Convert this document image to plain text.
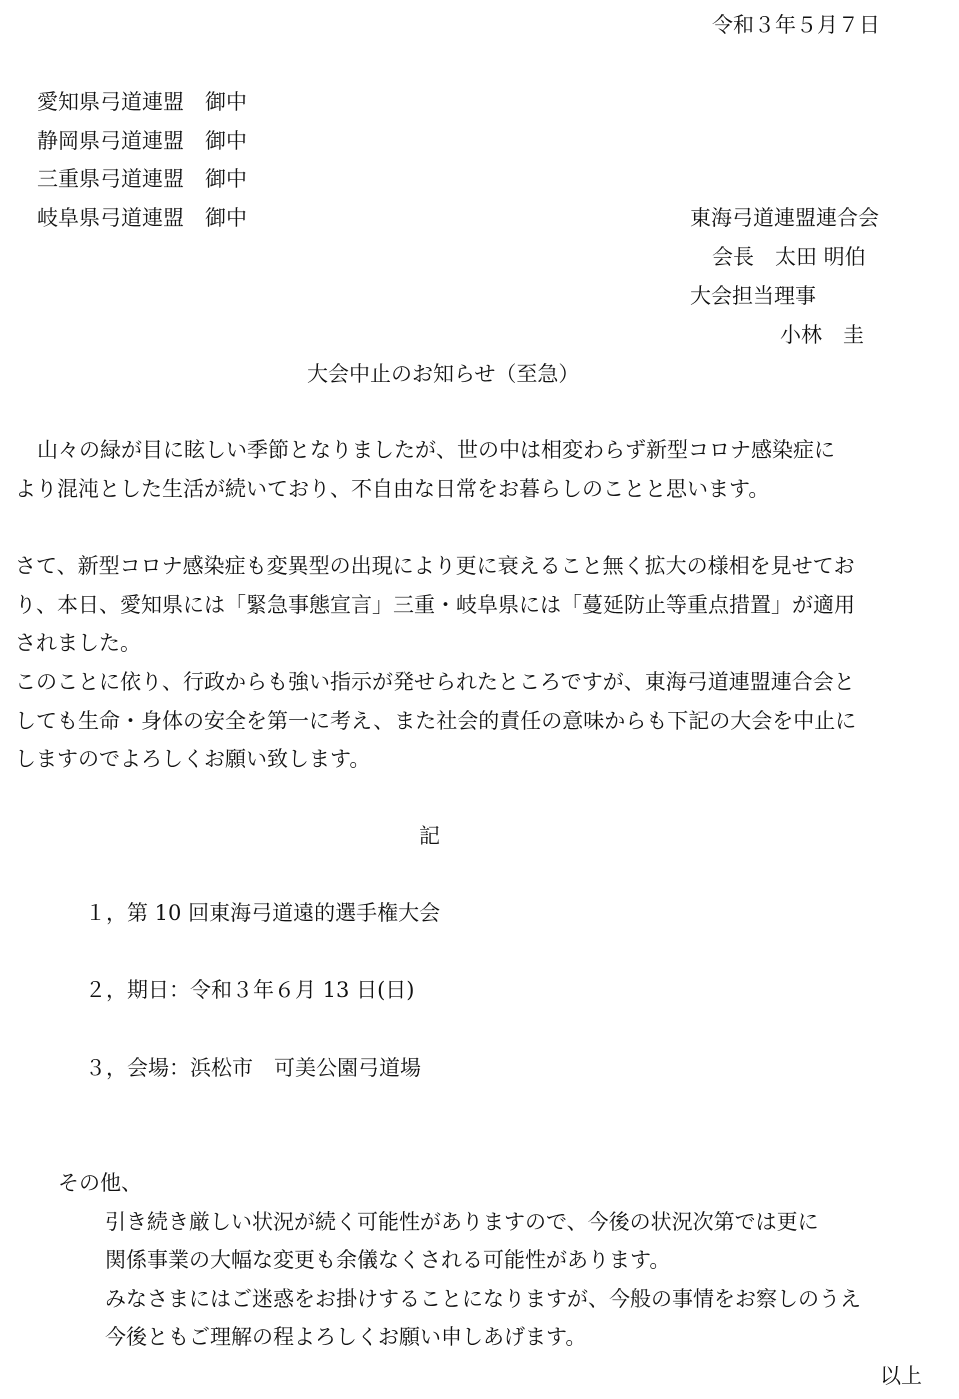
令和３年５月７日

愛知県弓道連盟　御中

静岡県弓道連盟　御中

三重県弓道連盟　御中

岐阜県弓道連盟　御中	東海弓道連盟連合会

会長　太田 明伯

大会担当理事

小林　圭

大会中止のお知らせ（至急）

山々の緑が目に眩しい季節となりましたが、世の中は相変わらず新型コロナ感染症に

より混沌とした生活が続いており、不自由な日常をお暮らしのことと思います。

さて、新型コロナ感染症も変異型の出現により更に衰えること無く拡大の様相を見せてお

り、本日、愛知県には「緊急事態宣言」三重・岐阜県には「蔓延防止等重点措置」が適用

されました。

このことに依り、行政からも強い指示が発せられたところですが、東海弓道連盟連合会と

しても生命・身体の安全を第一に考え、また社会的責任の意味からも下記の大会を中止に

しますのでよろしくお願い致します。

記

１，第 10 回東海弓道遠的選手権大会

２，期日：令和３年６月 13 日(日)

３，会場：浜松市　可美公園弓道場

その他、

引き続き厳しい状況が続く可能性がありますので、今後の状況次第では更に

関係事業の大幅な変更も余儀なくされる可能性があります。

みなさまにはご迷惑をお掛けすることになりますが、今般の事情をお察しのうえ

今後ともご理解の程よろしくお願い申しあげます。

以上
